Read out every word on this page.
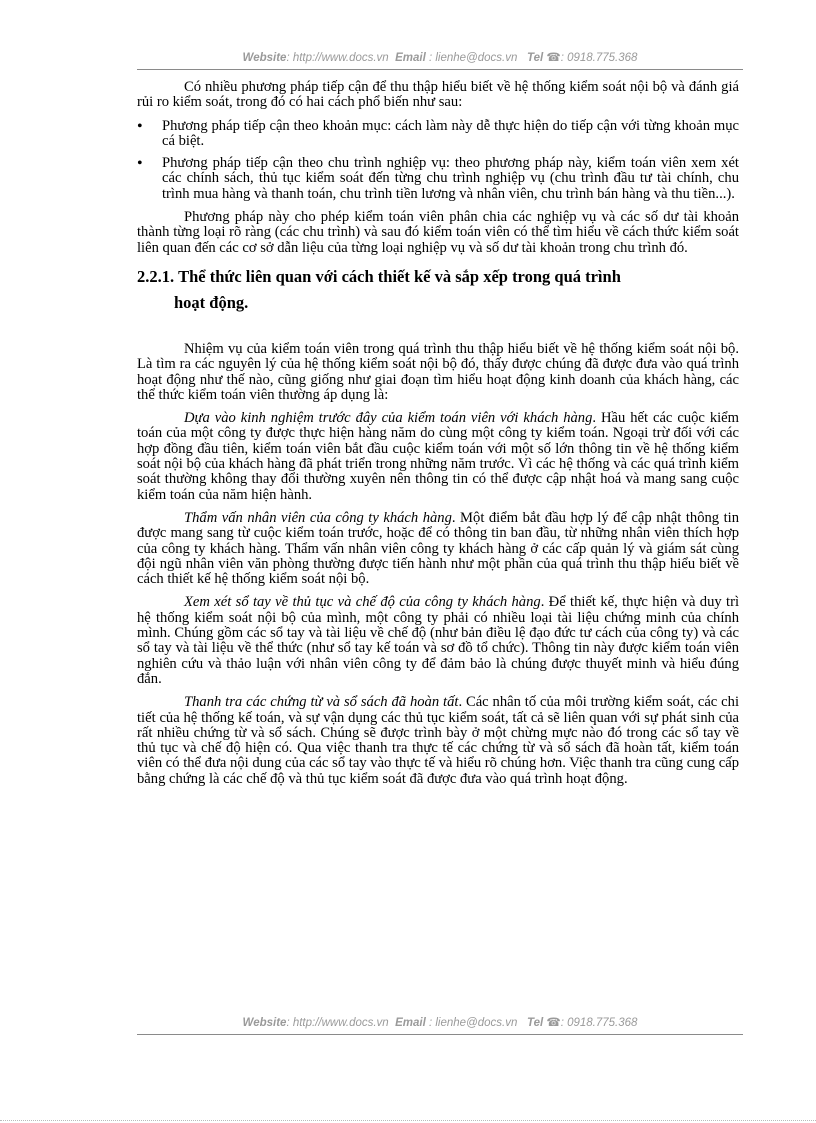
Website: http://www.docs.vn Email : lienhe@docs.vn Tel ☎: 0918.775.368

Có nhiều phương pháp tiếp cận để thu thập hiểu biết về hệ thống kiểm soát nội bộ và đánh giá rủi ro kiểm soát, trong đó có hai cách phổ biến như sau:

• Phương pháp tiếp cận theo khoản mục: cách làm này dễ thực hiện do tiếp cận với từng khoản mục cá biệt.
• Phương pháp tiếp cận theo chu trình nghiệp vụ: theo phương pháp này, kiểm toán viên xem xét các chính sách, thủ tục kiểm soát đến từng chu trình nghiệp vụ (chu trình đầu tư tài chính, chu trình mua hàng và thanh toán, chu trình tiền lương và nhân viên, chu trình bán hàng và thu tiền...).

Phương pháp này cho phép kiểm toán viên phân chia các nghiệp vụ và các số dư tài khoản thành từng loại rõ ràng (các chu trình) và sau đó kiểm toán viên có thể tìm hiểu về cách thức kiểm soát liên quan đến các cơ sở dẫn liệu của từng loại nghiệp vụ và số dư tài khoản trong chu trình đó.

2.2.1. Thể thức liên quan với cách thiết kế và sắp xếp trong quá trình
hoạt động.

Nhiệm vụ của kiểm toán viên trong quá trình thu thập hiểu biết về hệ thống kiểm soát nội bộ. Là tìm ra các nguyên lý của hệ thống kiểm soát nội bộ đó, thấy được chúng đã được đưa vào quá trình hoạt động như thế nào, cũng giống như giai đoạn tìm hiểu hoạt động kinh doanh của khách hàng, các thể thức kiểm toán viên thường áp dụng là:

Dựa vào kinh nghiệm trước đây của kiểm toán viên với khách hàng. Hầu hết các cuộc kiểm toán của một công ty được thực hiện hàng năm do cùng một công ty kiểm toán. Ngoại trừ đối với các hợp đồng đầu tiên, kiểm toán viên bắt đầu cuộc kiểm toán với một số lớn thông tin về hệ thống kiểm soát nội bộ của khách hàng đã phát triển trong những năm trước. Vì các hệ thống và các quá trình kiểm soát thường không thay đổi thường xuyên nên thông tin có thể được cập nhật hoá và mang sang cuộc kiểm toán của năm hiện hành.

Thẩm vấn nhân viên của công ty khách hàng. Một điểm bắt đầu hợp lý để cập nhật thông tin được mang sang từ cuộc kiểm toán trước, hoặc để có thông tin ban đầu, từ những nhân viên thích hợp của công ty khách hàng. Thẩm vấn nhân viên công ty khách hàng ở các cấp quản lý và giám sát cùng đội ngũ nhân viên văn phòng thường được tiến hành như một phần của quá trình thu thập hiểu biết về cách thiết kế hệ thống kiểm soát nội bộ.

Xem xét sổ tay về thủ tục và chế độ của công ty khách hàng. Để thiết kế, thực hiện và duy trì hệ thống kiểm soát nội bộ của mình, một công ty phải có nhiều loại tài liệu chứng minh của chính mình. Chúng gồm các sổ tay và tài liệu về chế độ (như bản điều lệ đạo đức tư cách của công ty) và các sổ tay và tài liệu về thể thức (như sổ tay kế toán và sơ đồ tổ chức). Thông tin này được kiểm toán viên nghiên cứu và thảo luận với nhân viên công ty để đảm bảo là chúng được thuyết minh và hiểu đúng đắn.

Thanh tra các chứng từ và sổ sách đã hoàn tất. Các nhân tố của môi trường kiểm soát, các chi tiết của hệ thống kế toán, và sự vận dụng các thủ tục kiểm soát, tất cả sẽ liên quan với sự phát sinh của rất nhiều chứng từ và sổ sách. Chúng sẽ được trình bày ở một chừng mực nào đó trong các sổ tay về thủ tục và chế độ hiện có. Qua việc thanh tra thực tế các chứng từ và sổ sách đã hoàn tất, kiểm toán viên có thể đưa nội dung của các sổ tay vào thực tế và hiểu rõ chúng hơn. Việc thanh tra cũng cung cấp bằng chứng là các chế độ và thủ tục kiểm soát đã được đưa vào quá trình hoạt động.

Website: http://www.docs.vn Email : lienhe@docs.vn Tel ☎: 0918.775.368
